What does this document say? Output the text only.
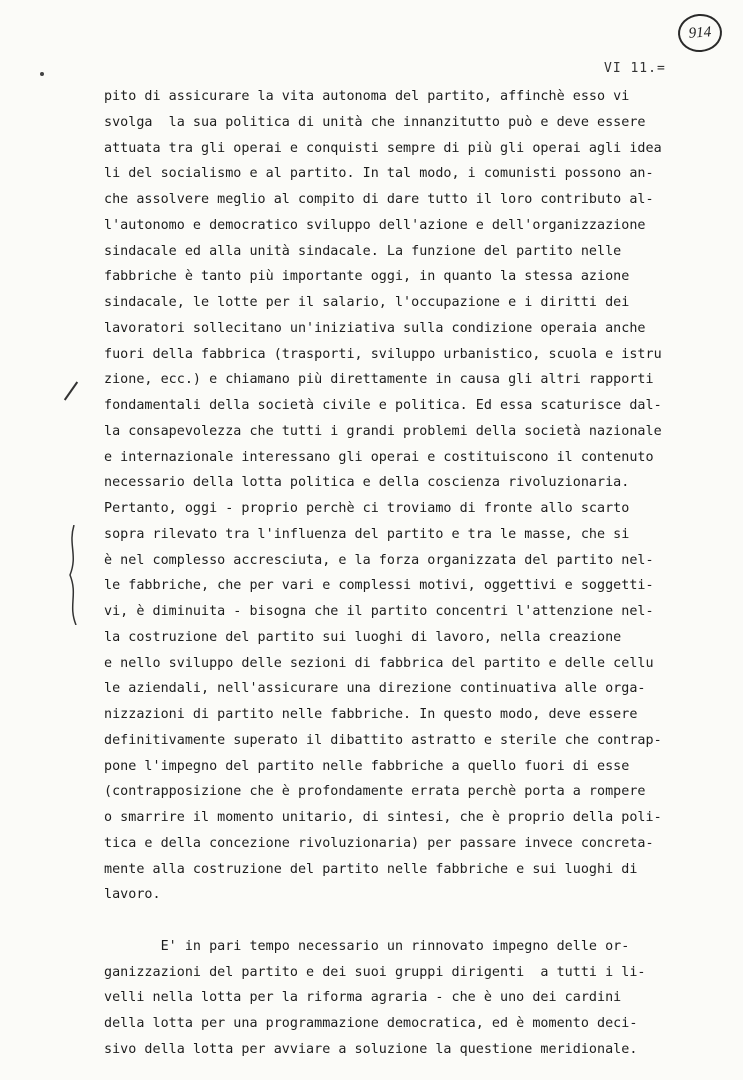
914
VI 11.=
pito di assicurare la vita autonoma del partito, affinchè esso vi
svolga  la sua politica di unità che innanzitutto può e deve essere
attuata tra gli operai e conquisti sempre di più gli operai agli idea
li del socialismo e al partito. In tal modo, i comunisti possono an-
che assolvere meglio al compito di dare tutto il loro contributo al-
l'autonomo e democratico sviluppo dell'azione e dell'organizzazione
sindacale ed alla unità sindacale. La funzione del partito nelle
fabbriche è tanto più importante oggi, in quanto la stessa azione
sindacale, le lotte per il salario, l'occupazione e i diritti dei
lavoratori sollecitano un'iniziativa sulla condizione operaia anche
fuori della fabbrica (trasporti, sviluppo urbanistico, scuola e istru
zione, ecc.) e chiamano più direttamente in causa gli altri rapporti
fondamentali della società civile e politica. Ed essa scaturisce dal-
la consapevolezza che tutti i grandi problemi della società nazionale
e internazionale interessano gli operai e costituiscono il contenuto
necessario della lotta politica e della coscienza rivoluzionaria.
Pertanto, oggi - proprio perchè ci troviamo di fronte allo scarto
sopra rilevato tra l'influenza del partito e tra le masse, che si
è nel complesso accresciuta, e la forza organizzata del partito nel-
le fabbriche, che per vari e complessi motivi, oggettivi e soggetti-
vi, è diminuita - bisogna che il partito concentri l'attenzione nel-
la costruzione del partito sui luoghi di lavoro, nella creazione
e nello sviluppo delle sezioni di fabbrica del partito e delle cellu
le aziendali, nell'assicurare una direzione continuativa alle orga-
nizzazioni di partito nelle fabbriche. In questo modo, deve essere
definitivamente superato il dibattito astratto e sterile che contrap-
pone l'impegno del partito nelle fabbriche a quello fuori di esse
(contrapposizione che è profondamente errata perchè porta a rompere
o smarrire il momento unitario, di sintesi, che è proprio della poli-
tica e della concezione rivoluzionaria) per passare invece concreta-
mente alla costruzione del partito nelle fabbriche e sui luoghi di
lavoro.
E' in pari tempo necessario un rinnovato impegno delle or-
ganizzazioni del partito e dei suoi gruppi dirigenti  a tutti i li-
velli nella lotta per la riforma agraria - che è uno dei cardini
della lotta per una programmazione democratica, ed è momento deci-
sivo della lotta per avviare a soluzione la questione meridionale.
